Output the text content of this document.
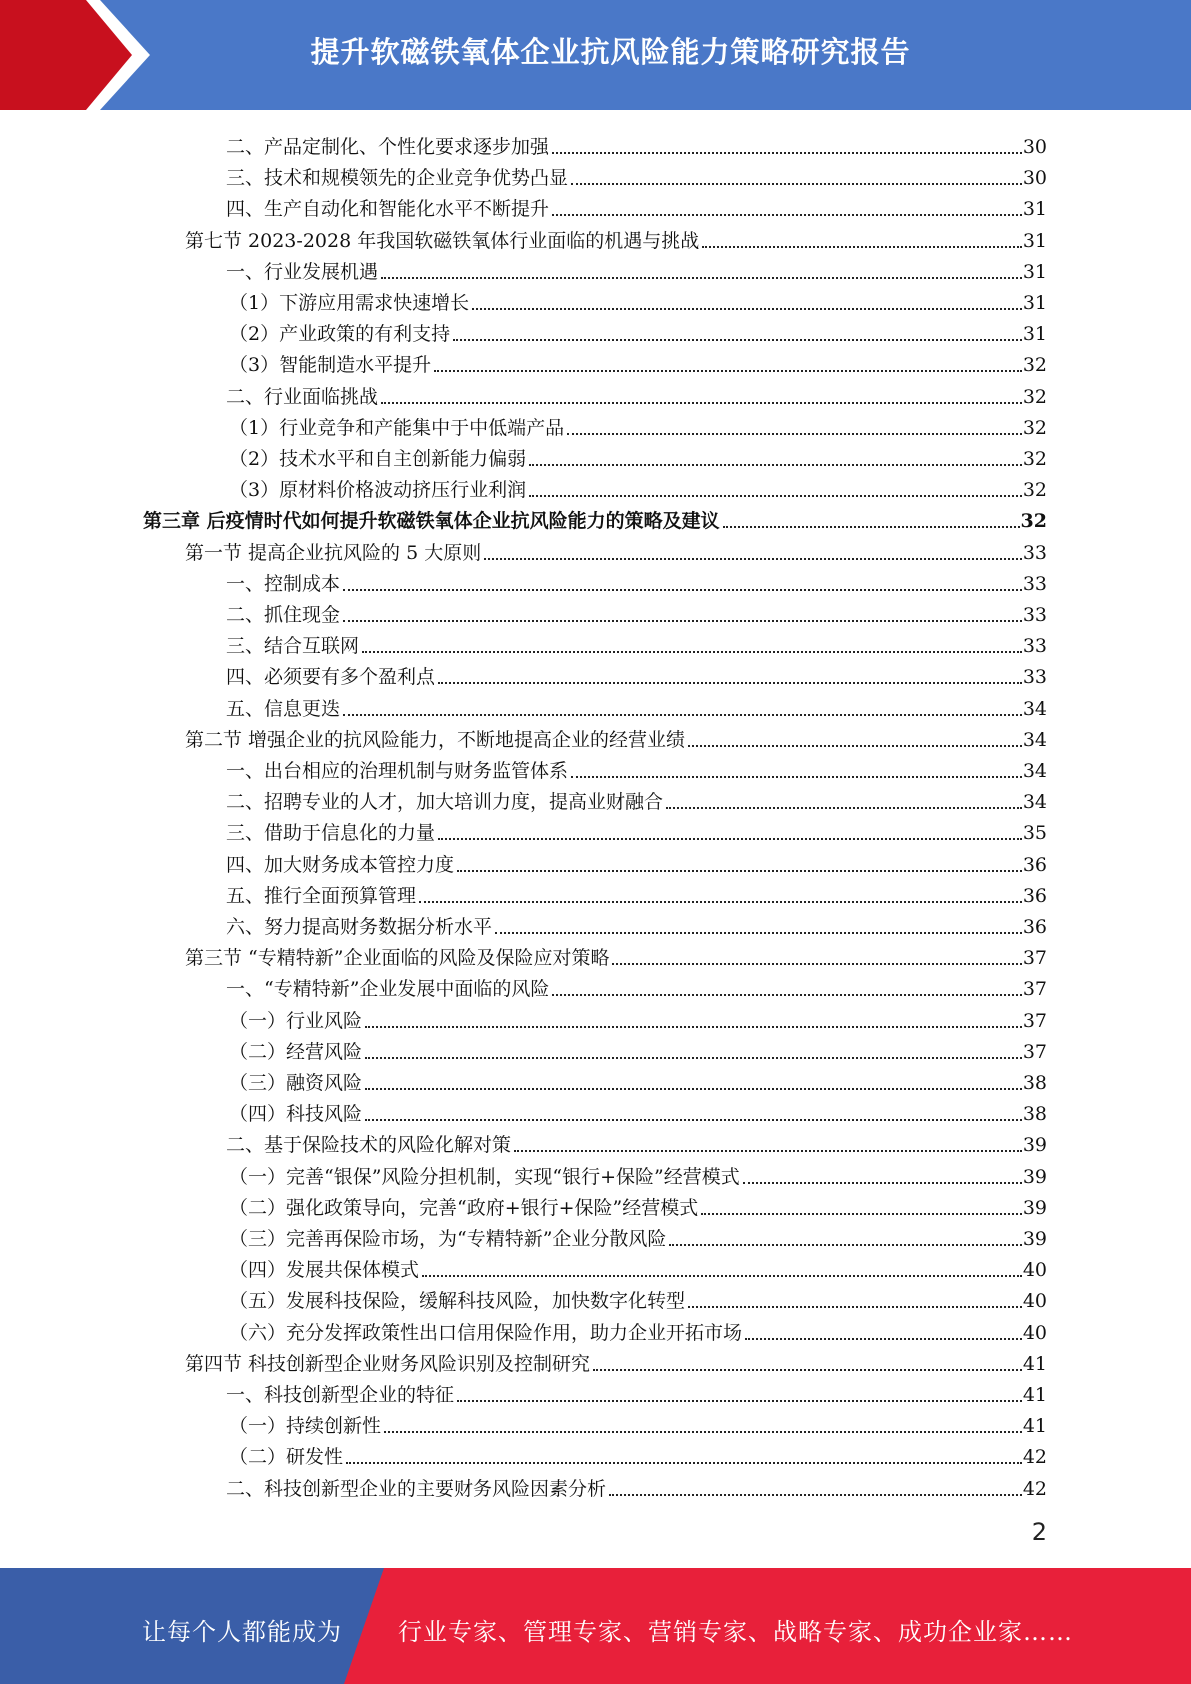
提升软磁铁氧体企业抗风险能力策略研究报告
二、产品定制化、个性化要求逐步加强	30
三、技术和规模领先的企业竞争优势凸显	30
四、生产自动化和智能化水平不断提升	31
第七节 2023-2028 年我国软磁铁氧体行业面临的机遇与挑战	31
一、行业发展机遇	31
（1）下游应用需求快速增长	31
（2）产业政策的有利支持	31
（3）智能制造水平提升	32
二、行业面临挑战	32
（1）行业竞争和产能集中于中低端产品	32
（2）技术水平和自主创新能力偏弱	32
（3）原材料价格波动挤压行业利润	32
第三章 后疫情时代如何提升软磁铁氧体企业抗风险能力的策略及建议	32
第一节 提高企业抗风险的 5 大原则	33
一、控制成本	33
二、抓住现金	33
三、结合互联网	33
四、必须要有多个盈利点	33
五、信息更迭	34
第二节 增强企业的抗风险能力，不断地提高企业的经营业绩	34
一、出台相应的治理机制与财务监管体系	34
二、招聘专业的人才，加大培训力度，提高业财融合	34
三、借助于信息化的力量	35
四、加大财务成本管控力度	36
五、推行全面预算管理	36
六、努力提高财务数据分析水平	36
第三节 “专精特新”企业面临的风险及保险应对策略	37
一、“专精特新”企业发展中面临的风险	37
（一）行业风险	37
（二）经营风险	37
（三）融资风险	38
（四）科技风险	38
二、基于保险技术的风险化解对策	39
（一）完善“银保”风险分担机制，实现“银行+保险”经营模式	39
（二）强化政策导向，完善“政府+银行+保险”经营模式	39
（三）完善再保险市场，为“专精特新”企业分散风险	39
（四）发展共保体模式	40
（五）发展科技保险，缓解科技风险，加快数字化转型	40
（六）充分发挥政策性出口信用保险作用，助力企业开拓市场	40
第四节 科技创新型企业财务风险识别及控制研究	41
一、科技创新型企业的特征	41
（一）持续创新性	41
（二）研发性	42
二、科技创新型企业的主要财务风险因素分析	42
2
让每个人都能成为 行业专家、管理专家、营销专家、战略专家、成功企业家……
